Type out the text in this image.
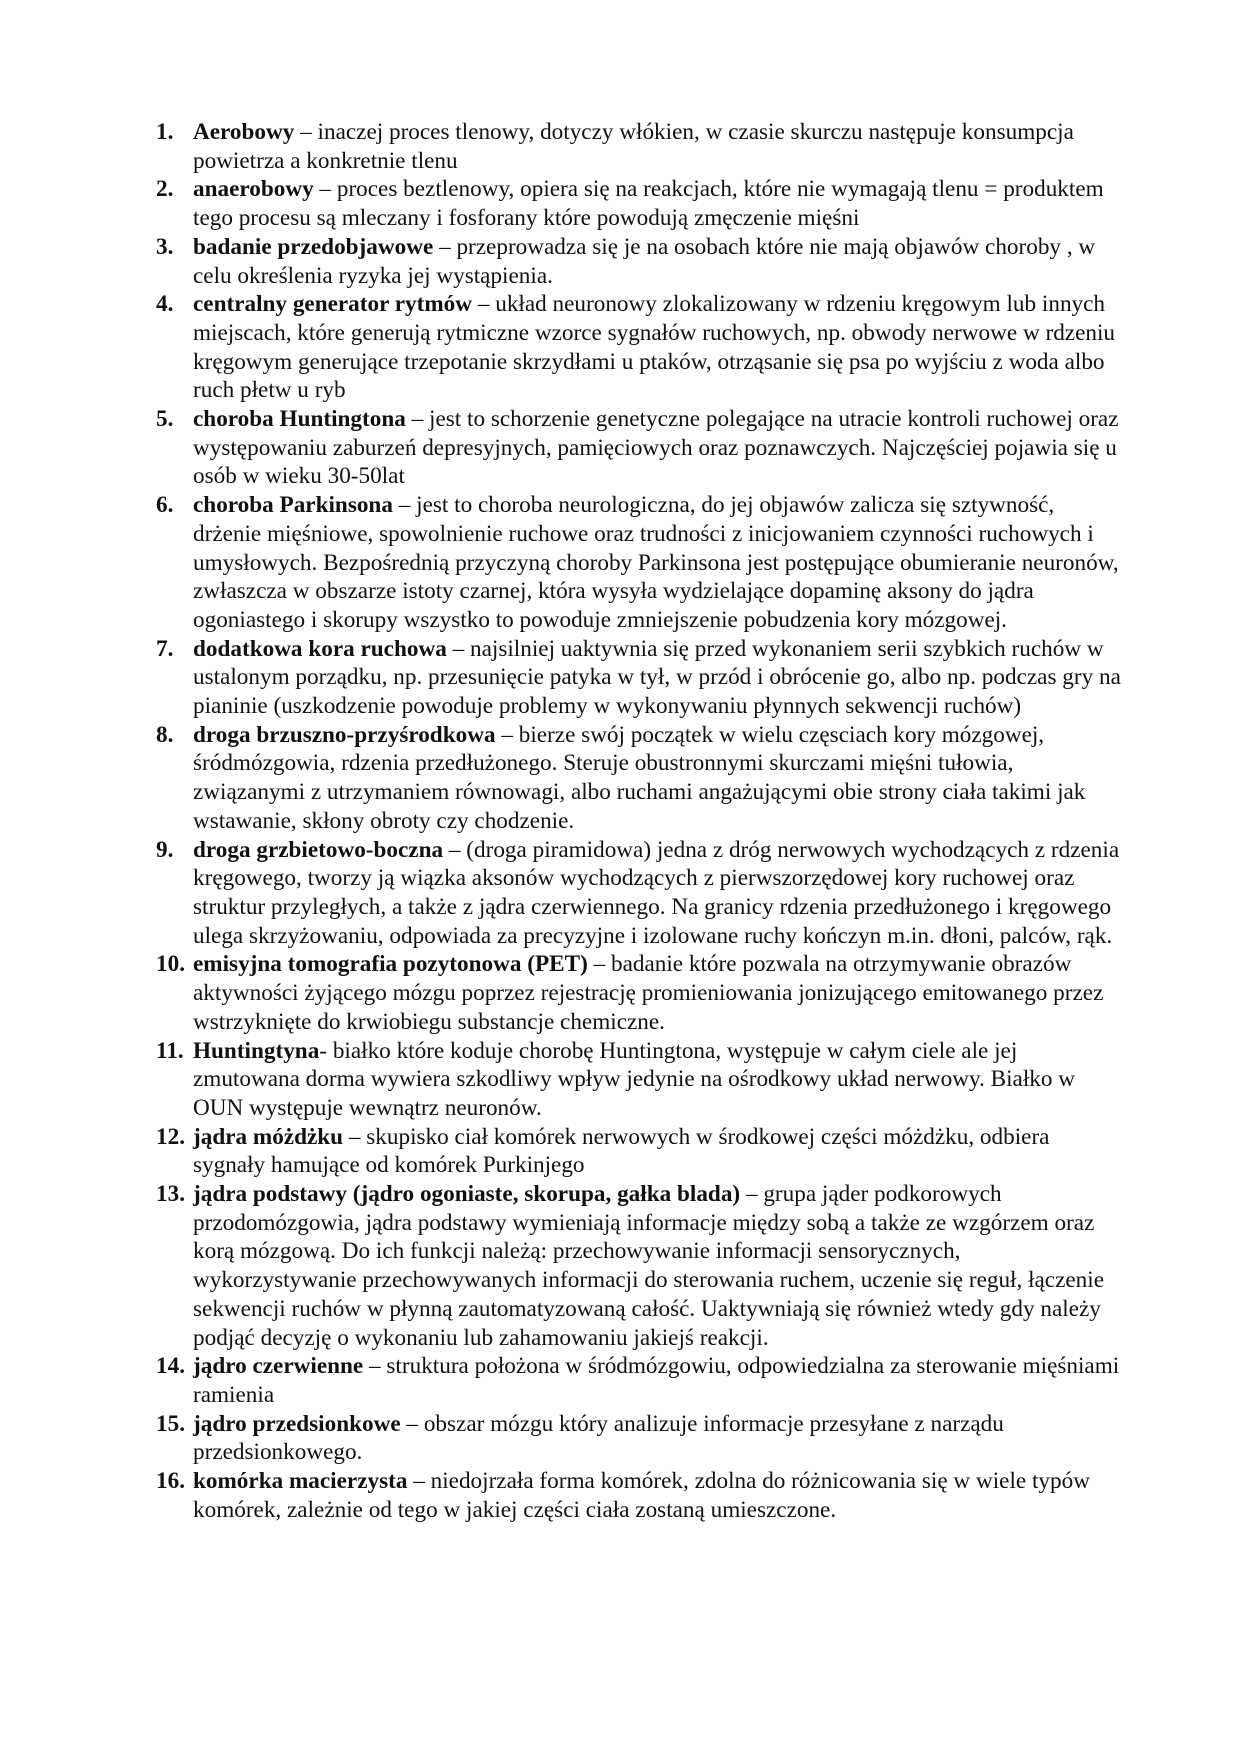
1. Aerobowy – inaczej proces tlenowy, dotyczy włókien, w czasie skurczu następuje konsumpcja powietrza a konkretnie tlenu
2. anaerobowy – proces beztlenowy, opiera się na reakcjach, które nie wymagają tlenu = produktem tego procesu są mleczany i fosforany które powodują zmęczenie mięśni
3. badanie przedobjawowe – przeprowadza się je na osobach które nie mają objawów choroby , w celu określenia ryzyka jej wystąpienia.
4. centralny generator rytmów – układ neuronowy zlokalizowany w rdzeniu kręgowym lub innych miejscach, które generują rytmiczne wzorce sygnałów ruchowych, np. obwody nerwowe w rdzeniu kręgowym generujące trzepotanie skrzydłami u ptaków, otrząsanie się psa po wyjściu z woda albo ruch płetw u ryb
5. choroba Huntingtona – jest to schorzenie genetyczne polegające na utracie kontroli ruchowej oraz występowaniu zaburzeń depresyjnych, pamięciowych oraz poznawczych. Najczęściej pojawia się u osób w wieku 30-50lat
6. choroba Parkinsona – jest to choroba neurologiczna, do jej objawów zalicza się sztywność, drżenie mięśniowe, spowolnienie ruchowe oraz trudności z inicjowaniem czynności ruchowych i umysłowych. Bezpośrednią przyczyną choroby Parkinsona jest postępujące obumieranie neuronów, zwłaszcza w obszarze istoty czarnej, która wysyła wydzielające dopaminę aksony do jądra ogoniastego i skorupy wszystko to powoduje zmniejszenie pobudzenia kory mózgowej.
7. dodatkowa kora ruchowa – najsilniej uaktywnia się przed wykonaniem serii szybkich ruchów w ustalonym porządku, np. przesunięcie patyka w tył, w przód i obrócenie go, albo np. podczas gry na pianinie (uszkodzenie powoduje problemy w wykonywaniu płynnych sekwencji ruchów)
8. droga brzuszno-przyśrodkowa – bierze swój początek w wielu częsciach kory mózgowej, śródmózgowia, rdzenia przedłużonego. Steruje obustronnymi skurczami mięśni tułowia, związanymi z utrzymaniem równowagi, albo ruchami angażującymi obie strony ciała takimi jak wstawanie, skłony obroty czy chodzenie.
9. droga grzbietowo-boczna – (droga piramidowa) jedna z dróg nerwowych wychodzących z rdzenia kręgowego, tworzy ją wiązka aksonów wychodzących z pierwszorzędowej kory ruchowej oraz struktur przyległych, a także z jądra czerwiennego. Na granicy rdzenia przedłużonego i kręgowego ulega skrzyżowaniu, odpowiada za precyzyjne i izolowane ruchy kończyn m.in. dłoni, palców, rąk.
10. emisyjna tomografia pozytonowa (PET) – badanie które pozwala na otrzymywanie obrazów aktywności żyjącego mózgu poprzez rejestrację promieniowania jonizującego emitowanego przez wstrzyknięte do krwiobiegu substancje chemiczne.
11. Huntingtyna- białko które koduje chorobę Huntingtona, występuje w całym ciele ale jej zmutowana dorma wywiera szkodliwy wpływ jedynie na ośrodkowy układ nerwowy. Białko w OUN występuje wewnątrz neuronów.
12. jądra móżdżku – skupisko ciał komórek nerwowych w środkowej części móżdżku, odbiera sygnały hamujące od komórek Purkinjego
13. jądra podstawy (jądro ogoniaste, skorupa, gałka blada) – grupa jąder podkorowych przodomózgowia, jądra podstawy wymieniają informacje między sobą a także ze wzgórzem oraz korą mózgową. Do ich funkcji należą: przechowywanie informacji sensorycznych, wykorzystywanie przechowywanych informacji do sterowania ruchem, uczenie się reguł, łączenie sekwencji ruchów w płynną zautomatyzowaną całość. Uaktywniają się również wtedy gdy należy podjąć decyzję o wykonaniu lub zahamowaniu jakiejś reakcji.
14. jądro czerwienne – struktura położona w śródmózgowiu, odpowiedzialna za sterowanie mięśniami ramienia
15. jądro przedsionkowe – obszar mózgu który analizuje informacje przesyłane z narządu przedsionkowego.
16. komórka macierzysta – niedojrzała forma komórek, zdolna do różnicowania się w wiele typów komórek, zależnie od tego w jakiej części ciała zostaną umieszczone.
